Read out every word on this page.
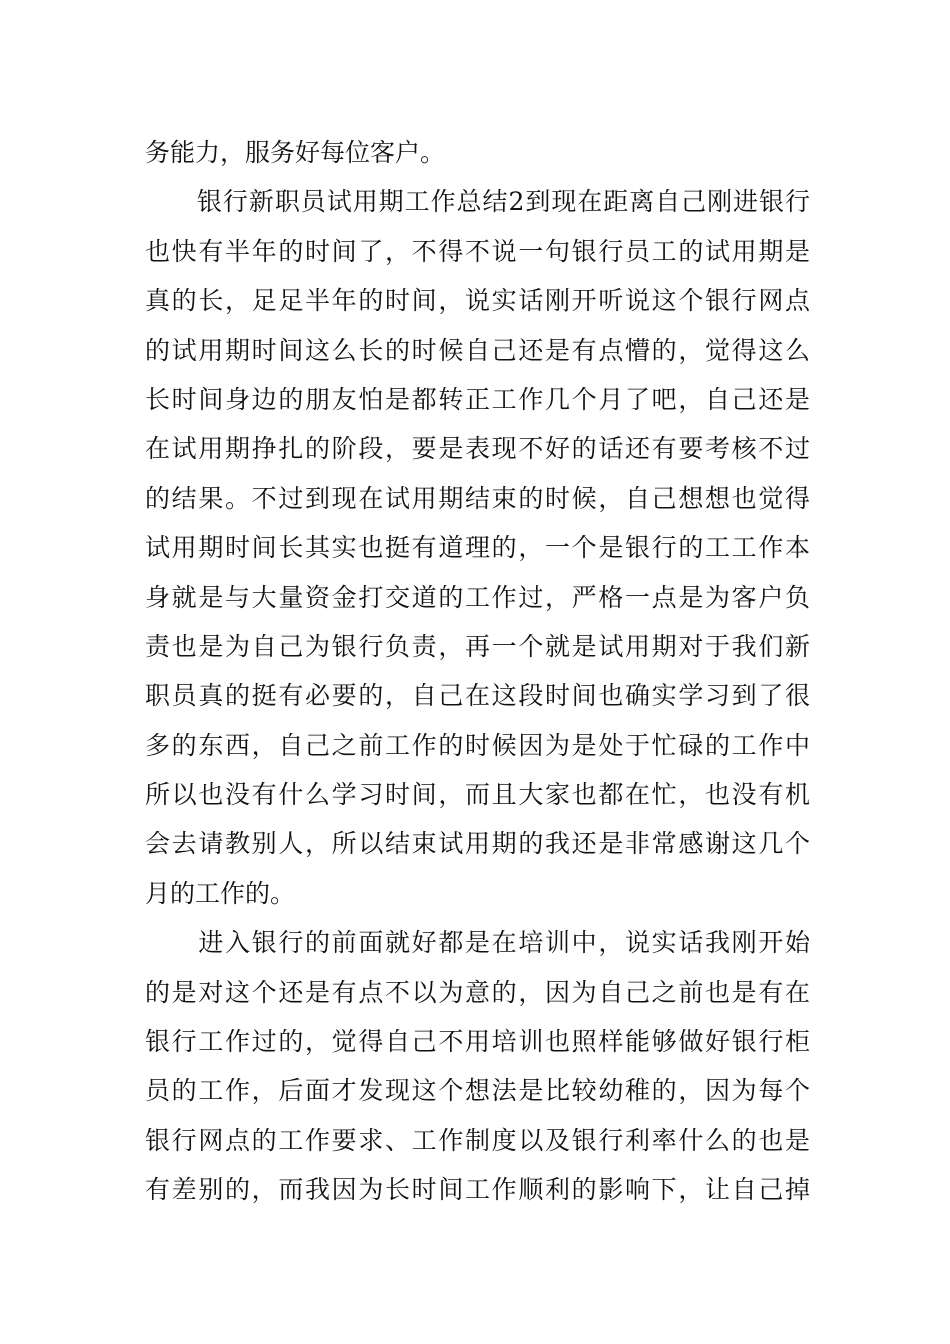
务能力，服务好每位客户。
　　银行新职员试用期工作总结2到现在距离自己刚进银行
也快有半年的时间了，不得不说一句银行员工的试用期是
真的长，足足半年的时间，说实话刚开听说这个银行网点
的试用期时间这么长的时候自己还是有点懵的，觉得这么
长时间身边的朋友怕是都转正工作几个月了吧，自己还是
在试用期挣扎的阶段，要是表现不好的话还有要考核不过
的结果。不过到现在试用期结束的时候，自己想想也觉得
试用期时间长其实也挺有道理的，一个是银行的工工作本
身就是与大量资金打交道的工作过，严格一点是为客户负
责也是为自己为银行负责，再一个就是试用期对于我们新
职员真的挺有必要的，自己在这段时间也确实学习到了很
多的东西，自己之前工作的时候因为是处于忙碌的工作中
所以也没有什么学习时间，而且大家也都在忙，也没有机
会去请教别人，所以结束试用期的我还是非常感谢这几个
月的工作的。
　　进入银行的前面就好都是在培训中，说实话我刚开始
的是对这个还是有点不以为意的，因为自己之前也是有在
银行工作过的，觉得自己不用培训也照样能够做好银行柜
员的工作，后面才发现这个想法是比较幼稚的，因为每个
银行网点的工作要求、工作制度以及银行利率什么的也是
有差别的，而我因为长时间工作顺利的影响下，让自己掉
